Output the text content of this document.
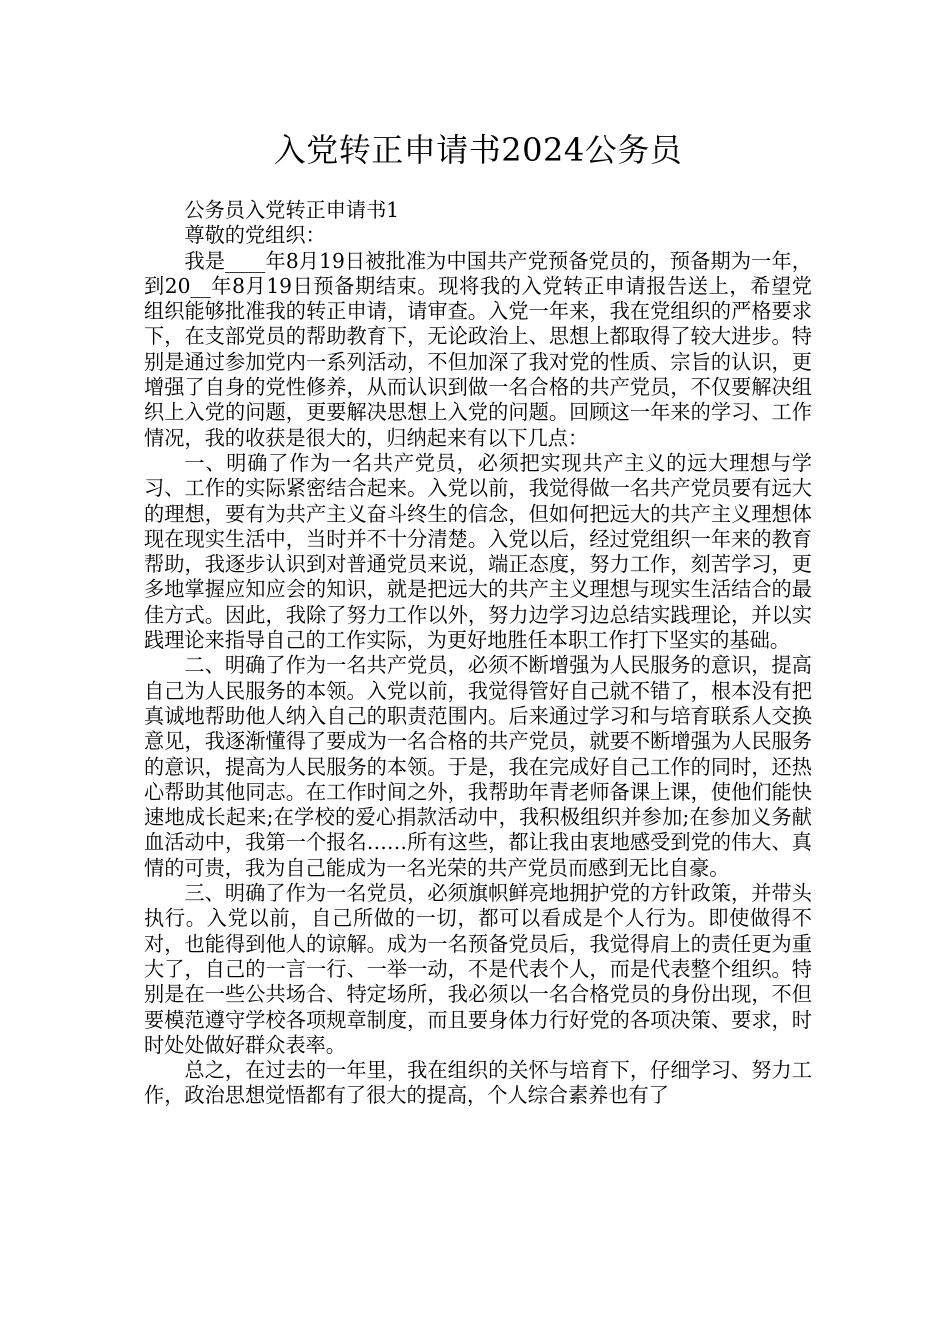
入党转正申请书2024公务员

公务员入党转正申请书1

尊敬的党组织：

我是____年8月19日被批准为中国共产党预备党员的，预备期为一年，到20__年8月19日预备期结束。现将我的入党转正申请报告送上，希望党组织能够批准我的转正申请，请审查。入党一年来，我在党组织的严格要求下，在支部党员的帮助教育下，无论政治上、思想上都取得了较大进步。特别是通过参加党内一系列活动，不但加深了我对党的性质、宗旨的认识，更增强了自身的党性修养，从而认识到做一名合格的共产党员，不仅要解决组织上入党的问题，更要解决思想上入党的问题。回顾这一年来的学习、工作情况，我的收获是很大的，归纳起来有以下几点：

一、明确了作为一名共产党员，必须把实现共产主义的远大理想与学习、工作的实际紧密结合起来。入党以前，我觉得做一名共产党员要有远大的理想，要有为共产主义奋斗终生的信念，但如何把远大的共产主义理想体现在现实生活中，当时并不十分清楚。入党以后，经过党组织一年来的教育帮助，我逐步认识到对普通党员来说，端正态度，努力工作，刻苦学习，更多地掌握应知应会的知识，就是把远大的共产主义理想与现实生活结合的最佳方式。因此，我除了努力工作以外，努力边学习边总结实践理论，并以实践理论来指导自己的工作实际，为更好地胜任本职工作打下坚实的基础。

二、明确了作为一名共产党员，必须不断增强为人民服务的意识，提高自己为人民服务的本领。入党以前，我觉得管好自己就不错了，根本没有把真诚地帮助他人纳入自己的职责范围内。后来通过学习和与培育联系人交换意见，我逐渐懂得了要成为一名合格的共产党员，就要不断增强为人民服务的意识，提高为人民服务的本领。于是，我在完成好自己工作的同时，还热心帮助其他同志。在工作时间之外，我帮助年青老师备课上课，使他们能快速地成长起来;在学校的爱心捐款活动中，我积极组织并参加;在参加义务献血活动中，我第一个报名……所有这些，都让我由衷地感受到党的伟大、真情的可贵，我为自己能成为一名光荣的共产党员而感到无比自豪。

三、明确了作为一名党员，必须旗帜鲜亮地拥护党的方针政策，并带头执行。入党以前，自己所做的一切，都可以看成是个人行为。即使做得不对，也能得到他人的谅解。成为一名预备党员后，我觉得肩上的责任更为重大了，自己的一言一行、一举一动，不是代表个人，而是代表整个组织。特别是在一些公共场合、特定场所，我必须以一名合格党员的身份出现，不但要模范遵守学校各项规章制度，而且要身体力行好党的各项决策、要求，时时处处做好群众表率。

总之，在过去的一年里，我在组织的关怀与培育下，仔细学习、努力工作，政治思想觉悟都有了很大的提高，个人综合素养也有了
